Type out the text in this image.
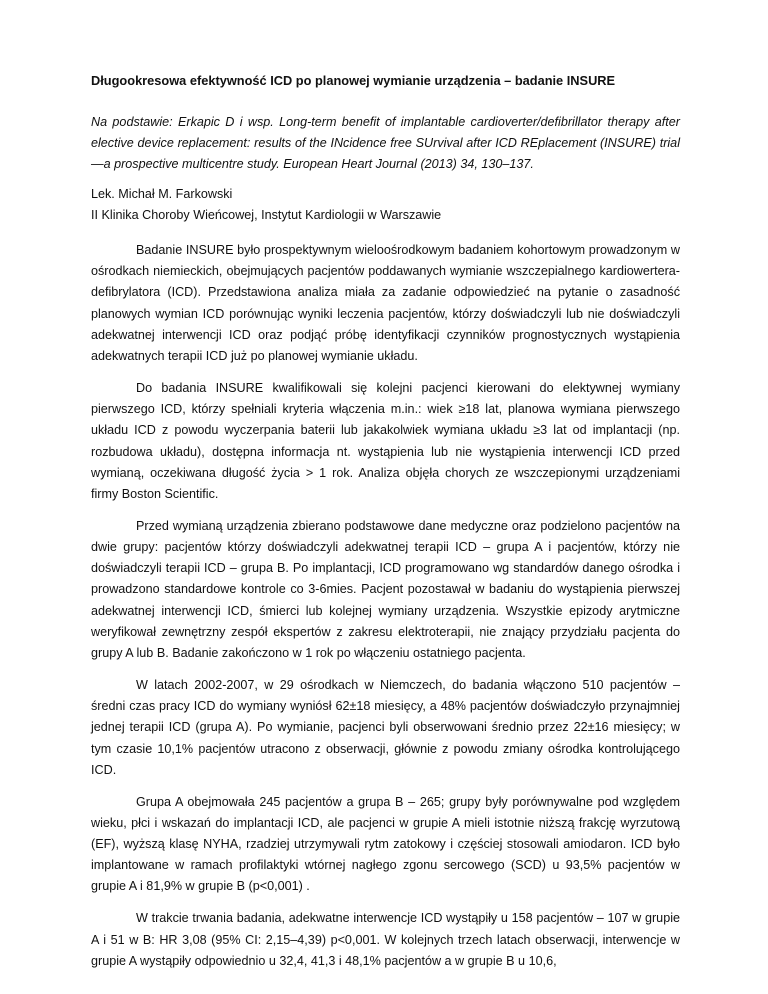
Długookresowa efektywność ICD po planowej wymianie urządzenia – badanie INSURE
Na podstawie: Erkapic D i wsp. Long-term benefit of implantable cardioverter/defibrillator therapy after elective device replacement: results of the INcidence free SUrvival after ICD REplacement (INSURE) trial—a prospective multicentre study. European Heart Journal (2013) 34, 130–137.
Lek. Michał M. Farkowski
II Klinika Choroby Wieńcowej, Instytut Kardiologii w Warszawie

Badanie INSURE było prospektywnym wieloośrodkowym badaniem kohortowym prowadzonym w ośrodkach niemieckich, obejmujących pacjentów poddawanych wymianie wszczepialnego kardiowertera-defibrylatora (ICD). Przedstawiona analiza miała za zadanie odpowiedzieć na pytanie o zasadność planowych wymian ICD porównując wyniki leczenia pacjentów, którzy doświadczyli lub nie doświadczyli adekwatnej interwencji ICD oraz podjąć próbę identyfikacji czynników prognostycznych wystąpienia adekwatnych terapii ICD już po planowej wymianie układu.

Do badania INSURE kwalifikowali się kolejni pacjenci kierowani do elektywnej wymiany pierwszego ICD, którzy spełniali kryteria włączenia m.in.: wiek ≥18 lat, planowa wymiana pierwszego układu ICD z powodu wyczerpania baterii lub jakakolwiek wymiana układu ≥3 lat od implantacji (np. rozbudowa układu), dostępna informacja nt. wystąpienia lub nie wystąpienia interwencji ICD przed wymianą, oczekiwana długość życia > 1 rok. Analiza objęła chorych ze wszczepionymi urządzeniami firmy Boston Scientific.

Przed wymianą urządzenia zbierano podstawowe dane medyczne oraz podzielono pacjentów na dwie grupy: pacjentów którzy doświadczyli adekwatnej terapii ICD – grupa A i pacjentów, którzy nie doświadczyli terapii ICD – grupa B. Po implantacji, ICD programowano wg standardów danego ośrodka i prowadzono standardowe kontrole co 3-6mies. Pacjent pozostawał w badaniu do wystąpienia pierwszej adekwatnej interwencji ICD, śmierci lub kolejnej wymiany urządzenia. Wszystkie epizody arytmiczne weryfikował zewnętrzny zespół ekspertów z zakresu elektroterapii, nie znający przydziału pacjenta do grupy A lub B. Badanie zakończono w 1 rok po włączeniu ostatniego pacjenta.

W latach 2002-2007, w 29 ośrodkach w Niemczech, do badania włączono 510 pacjentów – średni czas pracy ICD do wymiany wyniósł 62±18 miesięcy, a 48% pacjentów doświadczyło przynajmniej jednej terapii ICD (grupa A). Po wymianie, pacjenci byli obserwowani średnio przez 22±16 miesięcy; w tym czasie 10,1% pacjentów utracono z obserwacji, głównie z powodu zmiany ośrodka kontrolującego ICD.

Grupa A obejmowała 245 pacjentów a grupa B – 265; grupy były porównywalne pod względem wieku, płci i wskazań do implantacji ICD, ale pacjenci w grupie A mieli istotnie niższą frakcję wyrzutową (EF), wyższą klasę NYHA, rzadziej utrzymywali rytm zatokowy i częściej stosowali amiodaron. ICD było implantowane w ramach profilaktyki wtórnej nagłego zgonu sercowego (SCD) u 93,5% pacjentów w grupie A i 81,9% w grupie B (p<0,001) .

W trakcie trwania badania, adekwatne interwencje ICD wystąpiły u 158 pacjentów – 107 w grupie A i 51 w B: HR 3,08 (95% CI: 2,15–4,39) p<0,001. W kolejnych trzech latach obserwacji, interwencje w grupie A wystąpiły odpowiednio u 32,4, 41,3 i 48,1% pacjentów a w grupie B u 10,6,
